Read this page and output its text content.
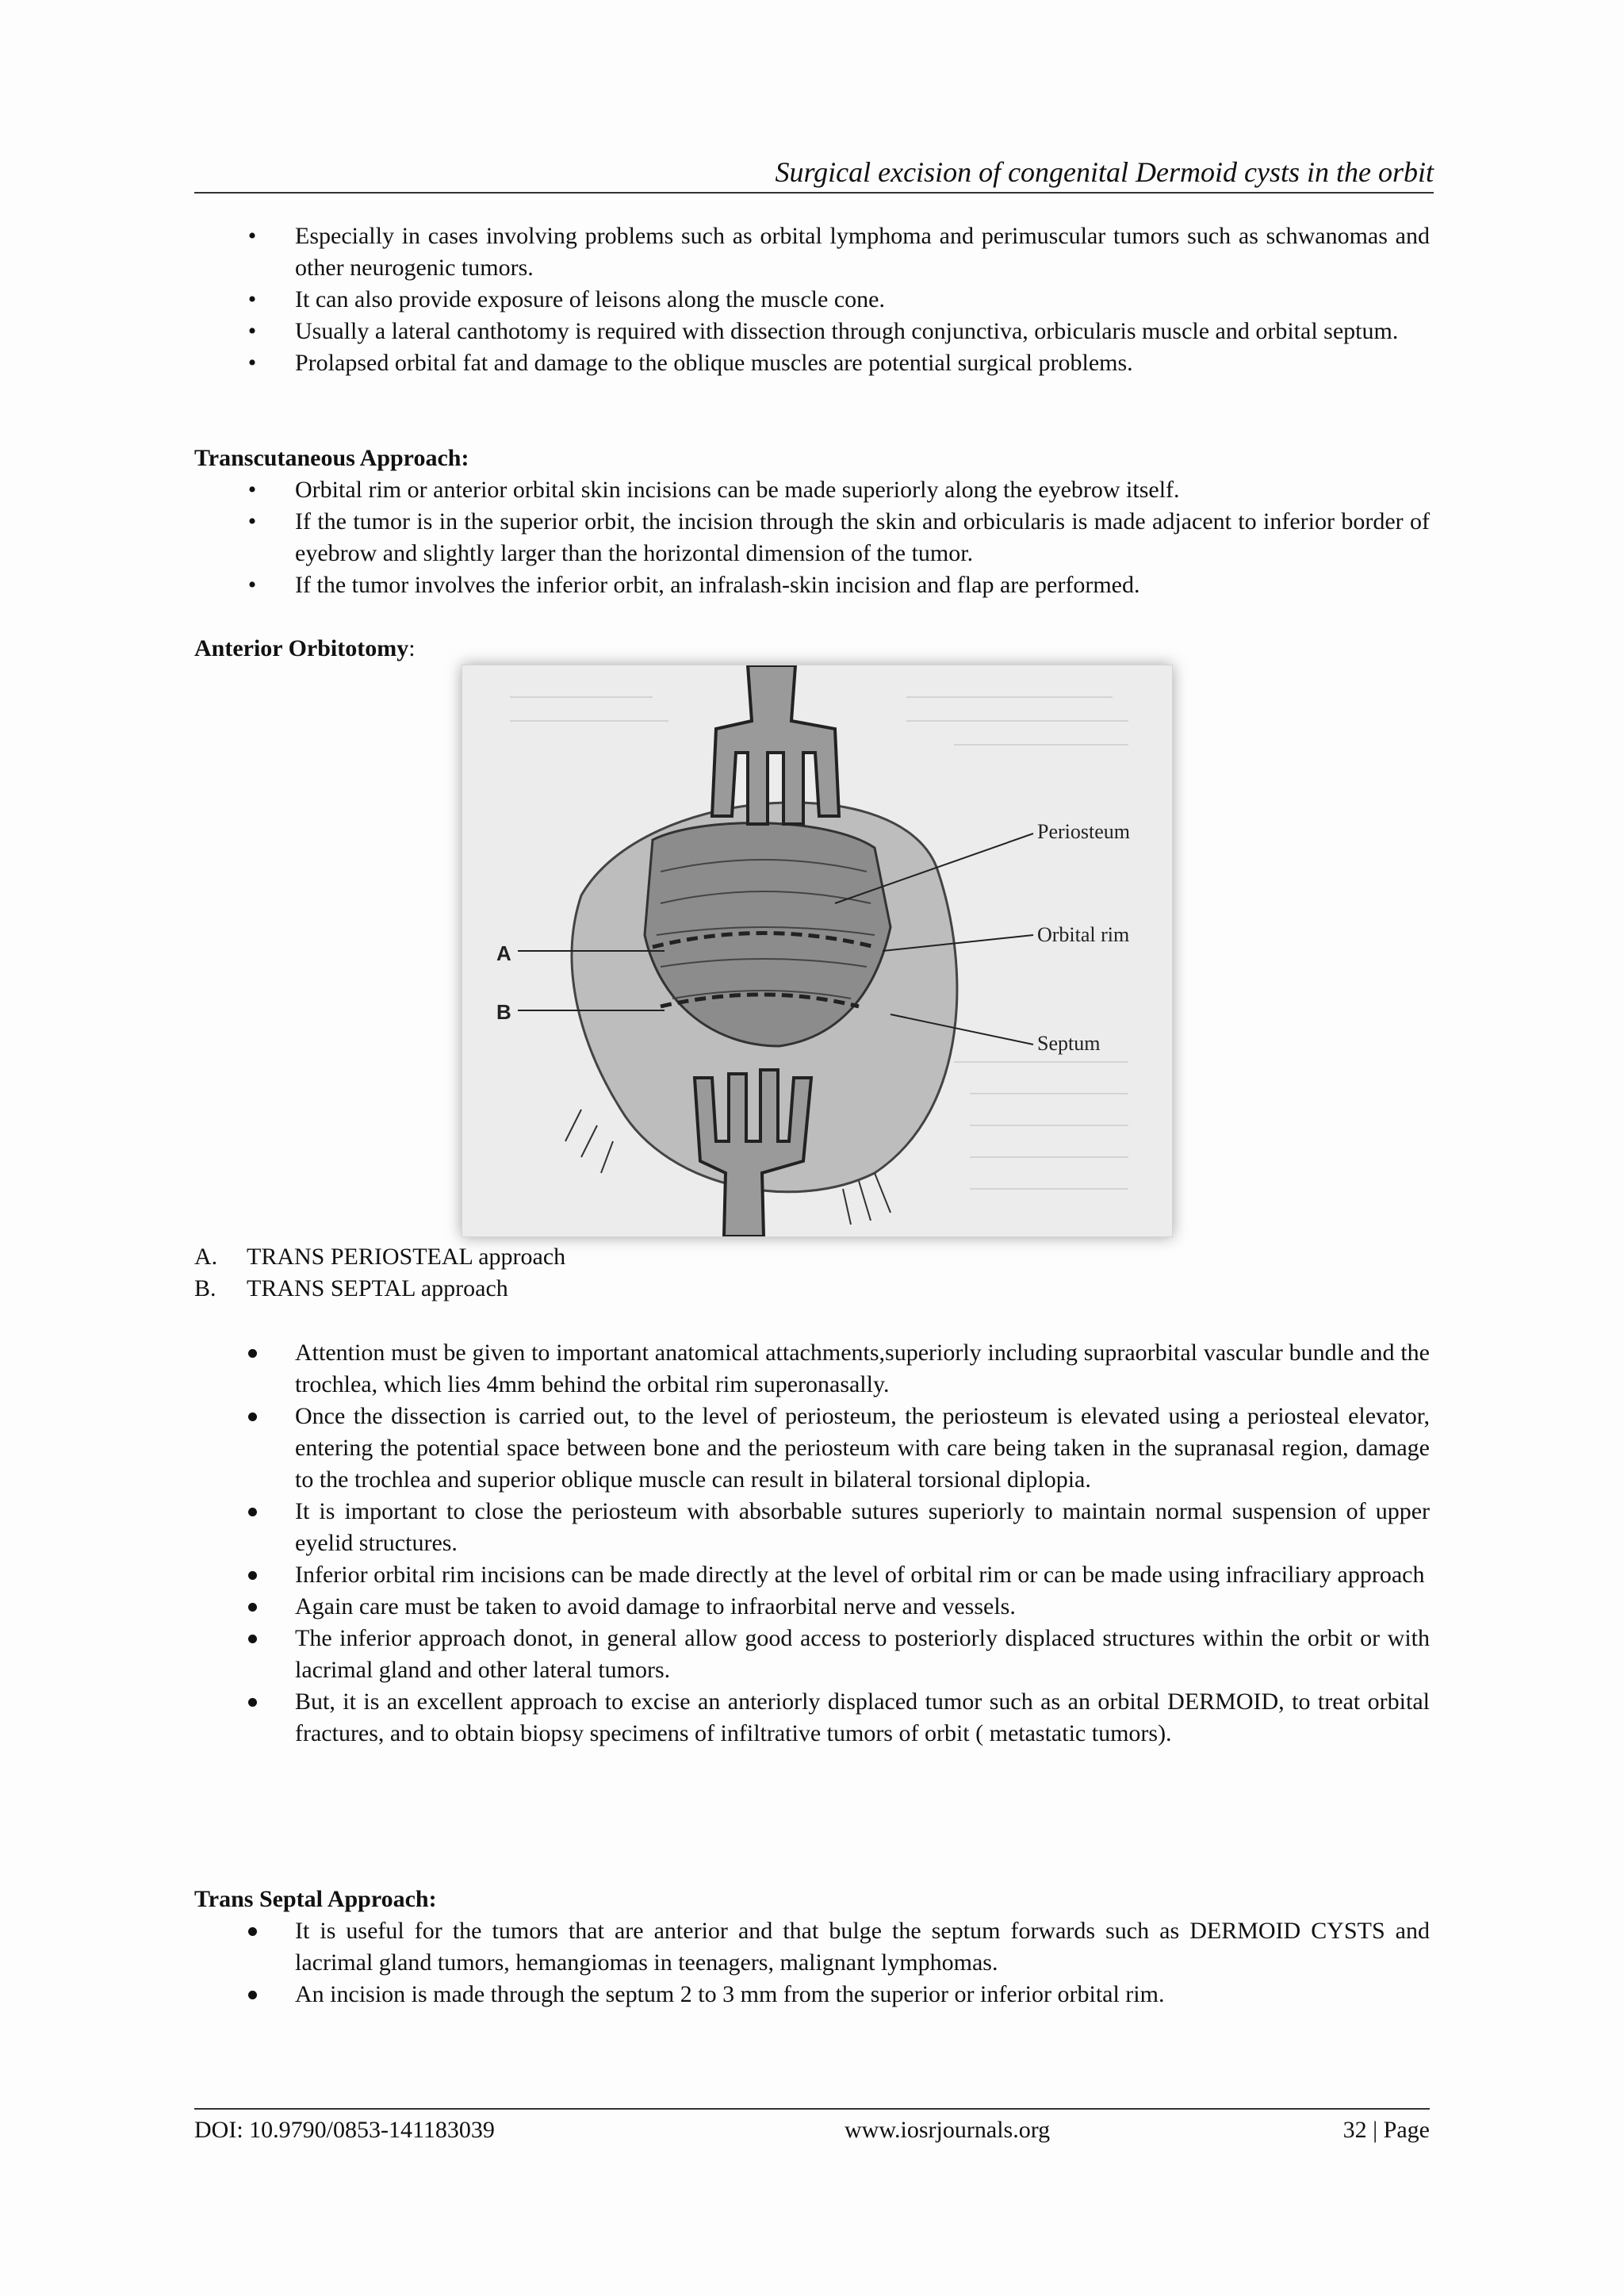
Surgical excision of congenital Dermoid cysts in the orbit
•	Especially in cases involving problems such as orbital lymphoma and perimuscular tumors such as schwanomas and other neurogenic tumors.
•	It can also provide exposure of leisons along the muscle cone.
•	Usually a lateral canthotomy is required with dissection through conjunctiva, orbicularis muscle and orbital septum.
•	Prolapsed orbital fat and damage to the oblique muscles are potential surgical problems.
Transcutaneous Approach:
•	Orbital rim or anterior orbital skin incisions can be made superiorly along the eyebrow itself.
•	If the tumor is in the superior orbit, the incision through the skin and orbicularis is made adjacent to inferior border of eyebrow and slightly larger than the horizontal dimension of the tumor.
•	If the tumor involves the inferior orbit, an infralash-skin incision and flap are performed.
Anterior Orbitotomy:
A
B
Periosteum
Orbital rim
Septum
A. TRANS PERIOSTEAL approach
B. TRANS SEPTAL approach
Attention must be given to important anatomical attachments,superiorly including supraorbital vascular bundle and the trochlea, which lies 4mm behind the orbital rim superonasally.
Once the dissection is carried out, to the level of periosteum, the periosteum is elevated using a periosteal elevator, entering the potential space between bone and the periosteum with care being taken in the supranasal region, damage to the trochlea and superior oblique muscle can result in bilateral torsional diplopia.
It is important to close the periosteum with absorbable sutures superiorly to maintain normal suspension of upper eyelid structures.
Inferior orbital rim incisions can be made directly at the level of orbital rim or can be made using infraciliary approach
Again care must be taken to avoid damage to infraorbital nerve and vessels.
The inferior approach donot, in general allow good access to posteriorly displaced structures within the orbit or with lacrimal gland and other lateral tumors.
But, it is an excellent approach to excise an anteriorly displaced tumor such as an orbital DERMOID, to treat orbital fractures, and to obtain biopsy specimens of infiltrative tumors of orbit ( metastatic tumors).
Trans Septal Approach:
It is useful for the tumors that are anterior and that bulge the septum forwards such as DERMOID CYSTS and lacrimal gland tumors, hemangiomas in teenagers, malignant lymphomas.
An incision is made through the septum 2 to 3 mm from the superior or inferior orbital rim.
DOI: 10.9790/0853-141183039	www.iosrjournals.org	32 | Page
